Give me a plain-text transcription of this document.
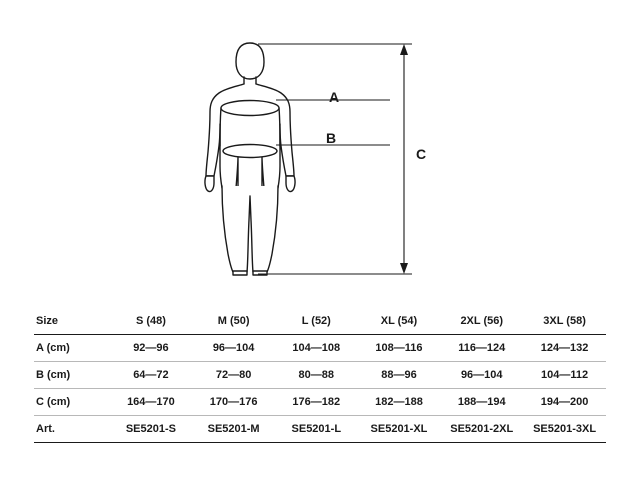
A
B
C
Size	S (48)	M (50)	L (52)	XL (54)	2XL (56)	3XL (58)
A (cm)	92—96	96—104	104—108	108—116	116—124	124—132
B (cm)	64—72	72—80	80—88	88—96	96—104	104—112
C (cm)	164—170	170—176	176—182	182—188	188—194	194—200
Art.	SE5201-S	SE5201-M	SE5201-L	SE5201-XL	SE5201-2XL	SE5201-3XL
